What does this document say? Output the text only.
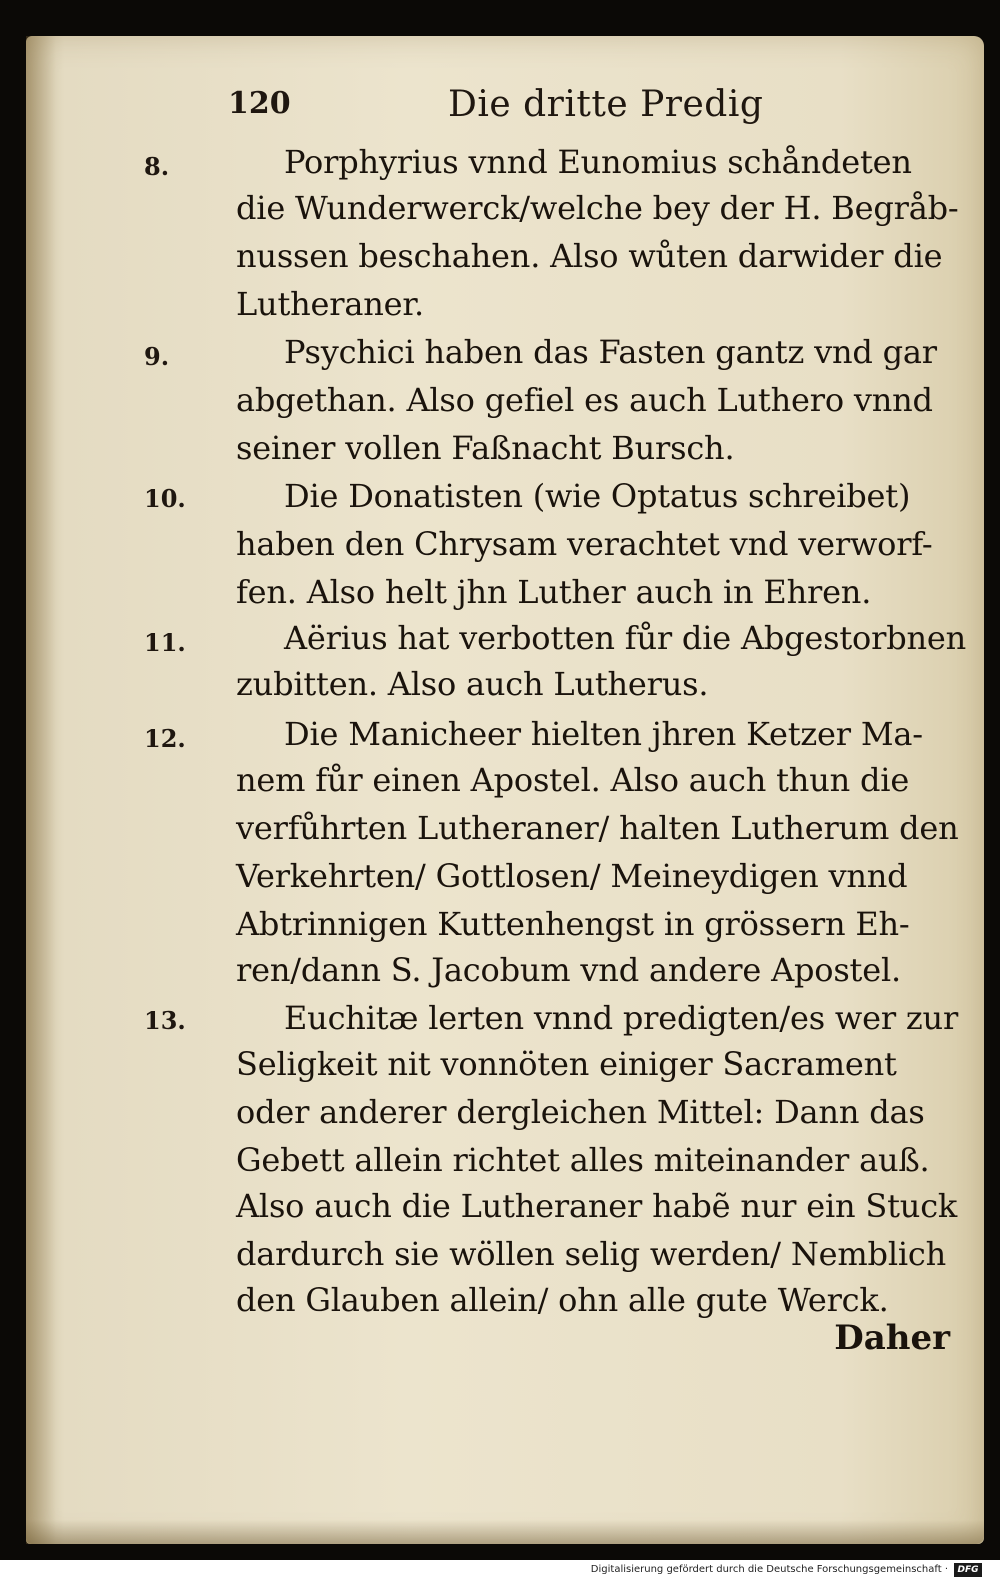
120	Die dritte Predig
8.
9.
10.
11.
12.
13.
Porphyrius vnnd Eunomius schåndeten
die Wunderwerck/welche bey der H. Begråb-
nussen beschahen. Also wůten darwider die
Lutheraner.
Psychici haben das Fasten gantz vnd gar
abgethan. Also gefiel es auch Luthero vnnd
seiner vollen Faßnacht Bursch.
Die Donatisten (wie Optatus schreibet)
haben den Chrysam verachtet vnd verworf-
fen. Also helt jhn Luther auch in Ehren.
Aërius hat verbotten fůr die Abgestorbnen
zubitten. Also auch Lutherus.
Die Manicheer hielten jhren Ketzer Ma-
nem fůr einen Apostel. Also auch thun die
verfůhrten Lutheraner/ halten Lutherum den
Verkehrten/ Gottlosen/ Meineydigen vnnd
Abtrinnigen Kuttenhengst in grössern Eh-
ren/dann S. Jacobum vnd andere Apostel.
Euchitæ lerten vnnd predigten/es wer zur
Seligkeit nit vonnöten einiger Sacrament
oder anderer dergleichen Mittel: Dann das
Gebett allein richtet alles miteinander auß.
Also auch die Lutheraner habẽ nur ein Stuck
dardurch sie wöllen selig werden/ Nemblich
den Glauben allein/ ohn alle gute Werck.
Daher
Digitalisierung gefördert durch die Deutsche Forschungsgemeinschaft ·	DFG
